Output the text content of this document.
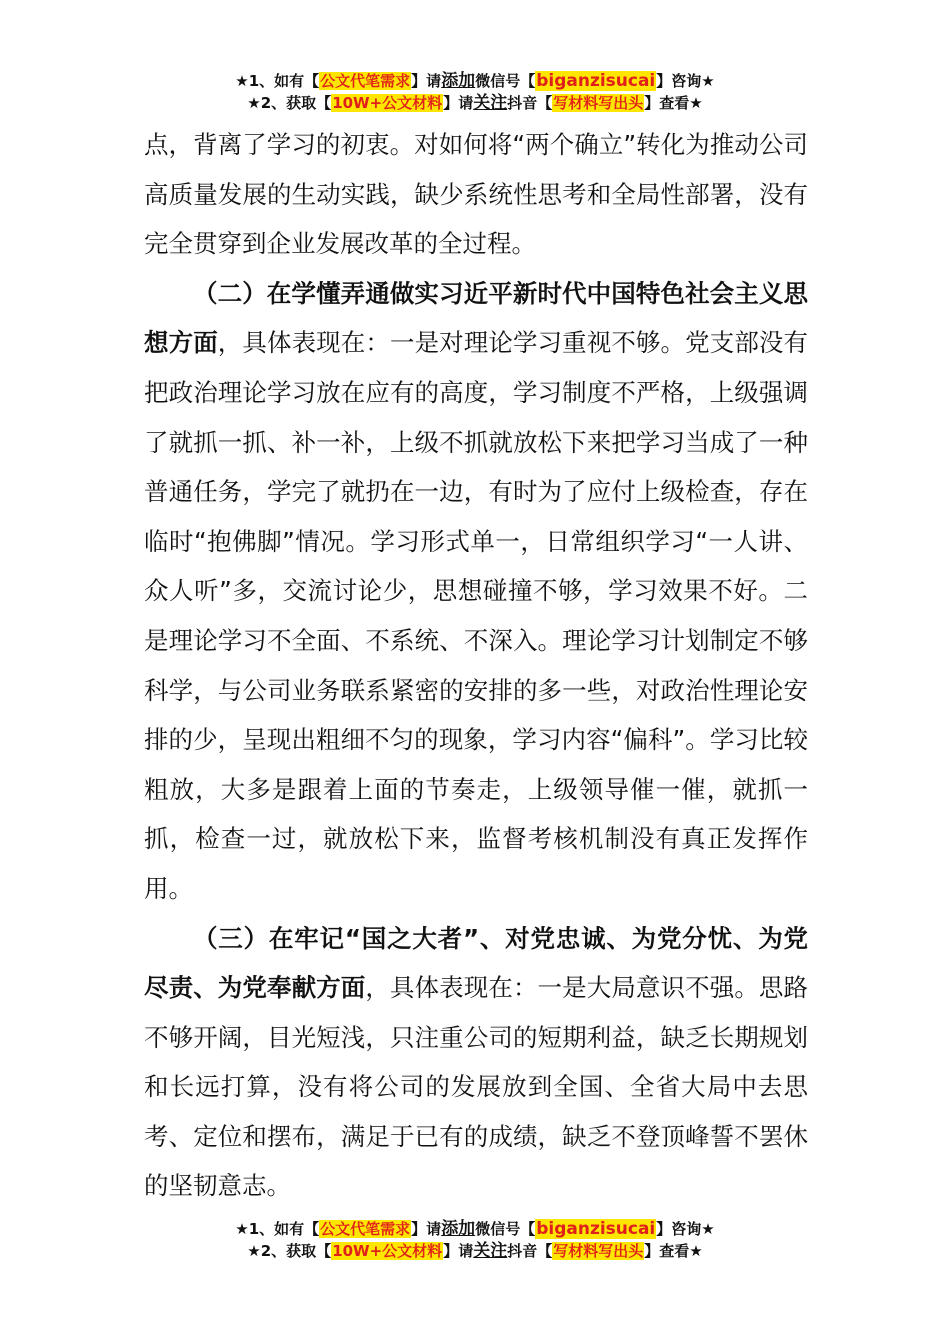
★1、如有【公文代笔需求】请添加微信号【biganzisucai】咨询★
★2、获取【10W+公文材料】请关注抖音【写材料写出头】查看★

点，背离了学习的初衷。对如何将“两个确立”转化为推动公司高质量发展的生动实践，缺少系统性思考和全局性部署，没有完全贯穿到企业发展改革的全过程。

（二）在学懂弄通做实习近平新时代中国特色社会主义思想方面，具体表现在：一是对理论学习重视不够。党支部没有把政治理论学习放在应有的高度，学习制度不严格，上级强调了就抓一抓、补一补，上级不抓就放松下来把学习当成了一种普通任务，学完了就扔在一边，有时为了应付上级检查，存在临时“抱佛脚”情况。学习形式单一，日常组织学习“一人讲、众人听”多，交流讨论少，思想碰撞不够，学习效果不好。二是理论学习不全面、不系统、不深入。理论学习计划制定不够科学，与公司业务联系紧密的安排的多一些，对政治性理论安排的少，呈现出粗细不匀的现象，学习内容“偏科”。学习比较粗放，大多是跟着上面的节奏走，上级领导催一催，就抓一抓，检查一过，就放松下来，监督考核机制没有真正发挥作用。

（三）在牢记“国之大者”、对党忠诚、为党分忧、为党尽责、为党奉献方面，具体表现在：一是大局意识不强。思路不够开阔，目光短浅，只注重公司的短期利益，缺乏长期规划和长远打算，没有将公司的发展放到全国、全省大局中去思考、定位和摆布，满足于已有的成绩，缺乏不登顶峰誓不罢休的坚韧意志。

★1、如有【公文代笔需求】请添加微信号【biganzisucai】咨询★
★2、获取【10W+公文材料】请关注抖音【写材料写出头】查看★
